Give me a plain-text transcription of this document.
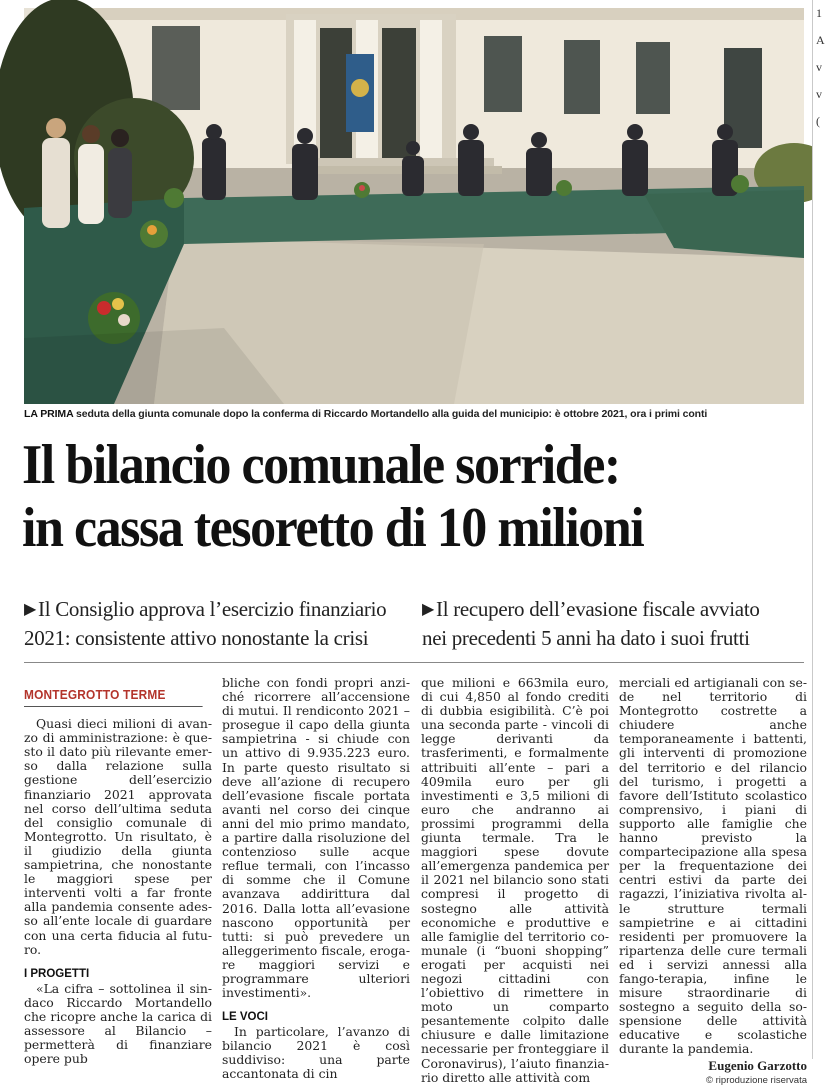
1
A
v
v
(
LA PRIMA seduta della giunta comunale dopo la conferma di Riccardo Mortandello alla guida del municipio: è ottobre 2021, ora i primi conti
Il bilancio comunale sorride:
in cassa tesoretto di 10 milioni
▶Il Consiglio approva l’esercizio finanziario
2021: consistente attivo nonostante la crisi
▶Il recupero dell’evasione fiscale avviato
nei precedenti 5 anni ha dato i suoi frutti
MONTEGROTTO TERME

Quasi dieci milioni di avanzo di amministrazione: è questo il dato più rilevante emerso dalla relazione sulla gestione dell’esercizio finanziario 2021 approvata nel corso dell’ultima seduta del consiglio comunale di Montegrotto. Un risultato, è il giudizio della giunta sampietrina, che nonostante le maggiori spese per interventi volti a far fronte alla pandemia consente adesso all’ente locale di guardare con una certa fiducia al futuro.

I PROGETTI

«La cifra – sottolinea il sindaco Riccardo Mortandello che ricopre anche la carica di assessore al Bilancio – permetterà di finanziare opere pub

bliche con fondi propri anziché ricorrere all’accensione di mutui. Il rendiconto 2021 – prosegue il capo della giunta sampietrina - si chiude con un attivo di 9.935.223 euro. In parte questo risultato si deve all’azione di recupero dell’evasione fiscale portata avanti nel corso dei cinque anni del mio primo mandato, a partire dalla risoluzione del contenzioso sulle acque reflue termali, con l’incasso di somme che il Comune avanzava addirittura dal 2016. Dalla lotta all’evasione nascono opportunità per tutti: si può prevedere un alleggerimento fiscale, erogare maggiori servizi e programmare ulteriori investimenti».

LE VOCI

In particolare, l’avanzo di bilancio 2021 è così suddiviso: una parte accantonata di cin

que milioni e 663mila euro, di cui 4,850 al fondo crediti di dubbia esigibilità. C’è poi una seconda parte - vincoli di legge derivanti da trasferimenti, e formalmente attribuiti all’ente – pari a 409mila euro per gli investimenti e 3,5 milioni di euro che andranno ai prossimi programmi della giunta termale. Tra le maggiori spese dovute all’emergenza pandemica per il 2021 nel bilancio sono stati compresi il progetto di sostegno alle attività economiche e produttive e alle famiglie del territorio comunale (i “buoni shopping” erogati per acquisti nei negozi cittadini con l’obiettivo di rimettere in moto un comparto pesantemente colpito dalle chiusure e dalle limitazione necessarie per fronteggiare il Coronavirus), l’aiuto finanziario diretto alle attività com

merciali ed artigianali con sede nel territorio di Montegrotto costrette a chiudere anche temporaneamente i battenti, gli interventi di promozione del territorio e del rilancio del turismo, i progetti a favore dell’Istituto scolastico comprensivo, i piani di supporto alle famiglie che hanno previsto la compartecipazione alla spesa per la frequentazione dei centri estivi da parte dei ragazzi, l’iniziativa rivolta alle strutture termali sampietrine e ai cittadini residenti per promuovere la ripartenza delle cure termali ed i servizi annessi alla fango-terapia, infine le misure straordinarie di sostegno a seguito della sospensione delle attività educative e scolastiche durante la pandemia.

Eugenio Garzotto
© riproduzione riservata
